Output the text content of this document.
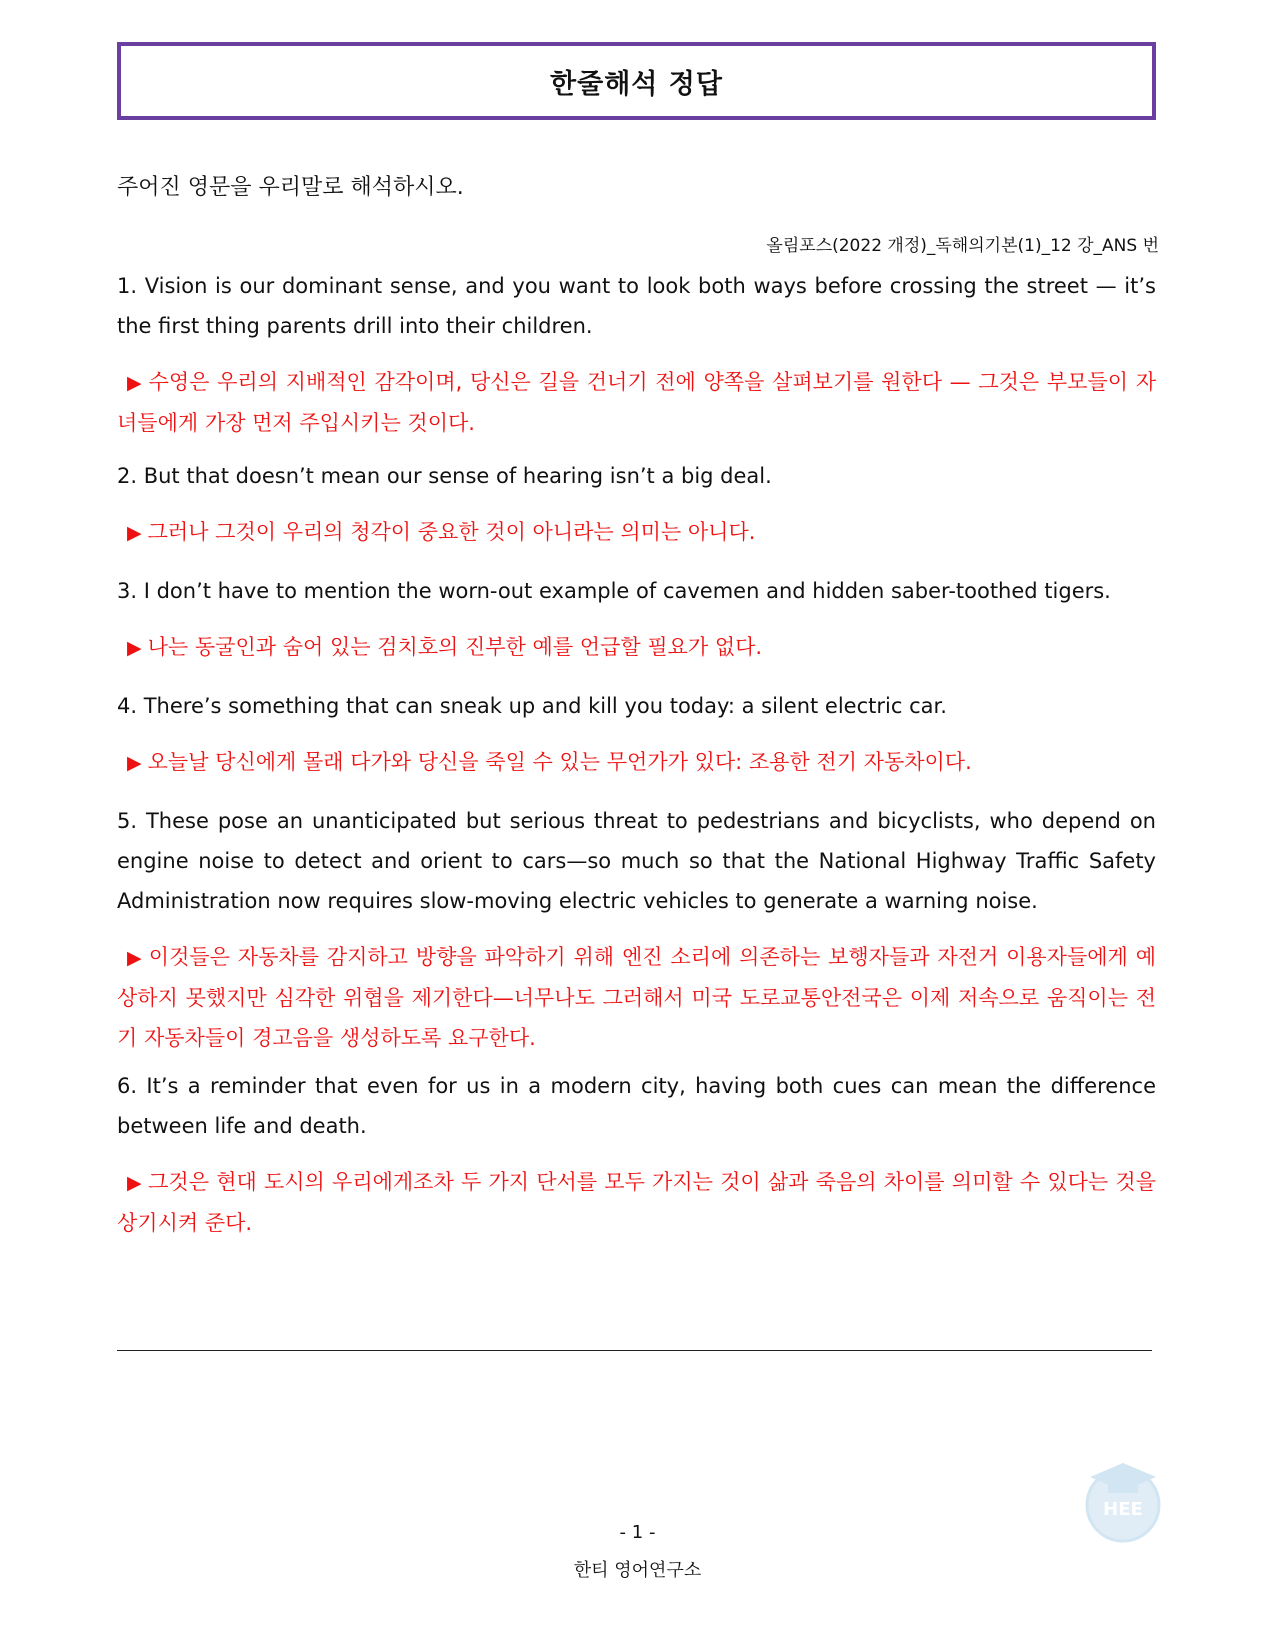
한줄해석 정답
주어진 영문을 우리말로 해석하시오.
올림포스(2022 개정)_독해의기본(1)_12 강_ANS 번
1. Vision is our dominant sense, and you want to look both ways before crossing the street — it’s the first thing parents drill into their children.
▶ 수영은 우리의 지배적인 감각이며, 당신은 길을 건너기 전에 양쪽을 살펴보기를 원한다 — 그것은 부모들이 자녀들에게 가장 먼저 주입시키는 것이다.
2. But that doesn’t mean our sense of hearing isn’t a big deal.
▶ 그러나 그것이 우리의 청각이 중요한 것이 아니라는 의미는 아니다.
3. I don’t have to mention the worn-out example of cavemen and hidden saber-toothed tigers.
▶ 나는 동굴인과 숨어 있는 검치호의 진부한 예를 언급할 필요가 없다.
4. There’s something that can sneak up and kill you today: a silent electric car.
▶ 오늘날 당신에게 몰래 다가와 당신을 죽일 수 있는 무언가가 있다: 조용한 전기 자동차이다.
5. These pose an unanticipated but serious threat to pedestrians and bicyclists, who depend on engine noise to detect and orient to cars—so much so that the National Highway Traffic Safety Administration now requires slow-moving electric vehicles to generate a warning noise.
▶ 이것들은 자동차를 감지하고 방향을 파악하기 위해 엔진 소리에 의존하는 보행자들과 자전거 이용자들에게 예상하지 못했지만 심각한 위협을 제기한다—너무나도 그러해서 미국 도로교통안전국은 이제 저속으로 움직이는 전기 자동차들이 경고음을 생성하도록 요구한다.
6. It’s a reminder that even for us in a modern city, having both cues can mean the difference between life and death.
▶ 그것은 현대 도시의 우리에게조차 두 가지 단서를 모두 가지는 것이 삶과 죽음의 차이를 의미할 수 있다는 것을 상기시켜 준다.
HEE
- 1 -
한티 영어연구소
